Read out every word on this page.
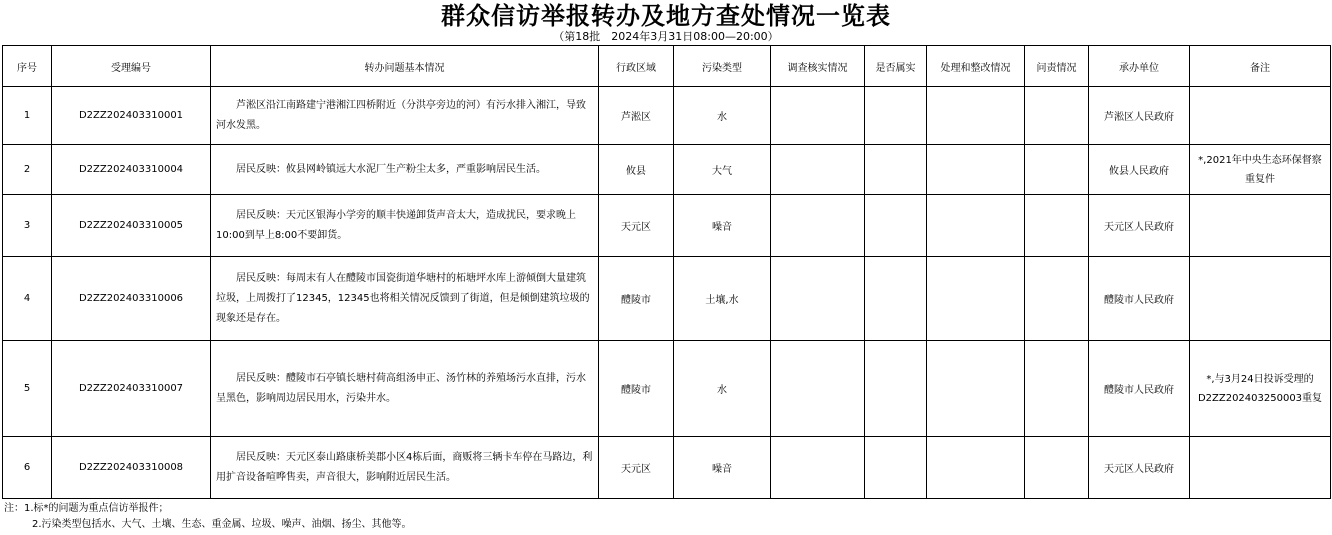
群众信访举报转办及地方查处情况一览表
（第18批　2024年3月31日08:00—20:00）
序号	受理编号	转办问题基本情况	行政区域	污染类型	调查核实情况	是否属实	处理和整改情况	问责情况	承办单位	备注
1	D2ZZ202403310001	芦淞区沿江南路建宁港湘江四桥附近（分洪亭旁边的河）有污水排入湘江，导致河水发黑。	芦淞区	水					芦淞区人民政府	
2	D2ZZ202403310004	居民反映：攸县网岭镇远大水泥厂生产粉尘太多，严重影响居民生活。	攸县	大气					攸县人民政府	*,2021年中央生态环保督察重复件
3	D2ZZ202403310005	居民反映：天元区银海小学旁的顺丰快递卸货声音太大，造成扰民，要求晚上10:00到早上8:00不要卸货。	天元区	噪音					天元区人民政府	
4	D2ZZ202403310006	居民反映：每周末有人在醴陵市国瓷街道华塘村的柘塘坪水库上游倾倒大量建筑垃圾，上周拨打了12345，12345也将相关情况反馈到了街道，但是倾倒建筑垃圾的现象还是存在。	醴陵市	土壤,水					醴陵市人民政府	
5	D2ZZ202403310007	居民反映：醴陵市石亭镇长塘村荷高组汤申正、汤竹林的养殖场污水直排，污水呈黑色，影响周边居民用水，污染井水。	醴陵市	水					醴陵市人民政府	*,与3月24日投诉受理的D2ZZ202403250003重复
6	D2ZZ202403310008	居民反映：天元区泰山路康桥美郡小区4栋后面，商贩将三辆卡车停在马路边，利用扩音设备喧哗售卖，声音很大，影响附近居民生活。	天元区	噪音					天元区人民政府	
注：1.标*的问题为重点信访举报件；
2.污染类型包括水、大气、土壤、生态、重金属、垃圾、噪声、油烟、扬尘、其他等。
